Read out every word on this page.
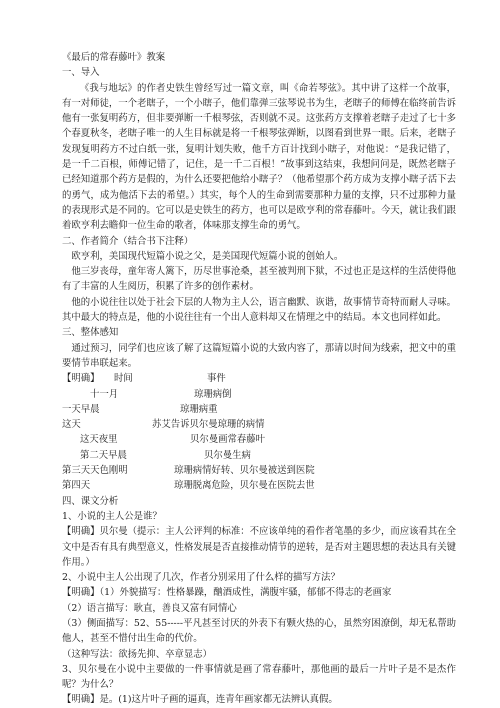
《最后的常春藤叶》教案

一、导入

《我与地坛》的作者史铁生曾经写过一篇文章，叫《命若琴弦》。其中讲了这样一个故事，有一对师徒，一个老瞎子，一个小瞎子，他们靠弹三弦琴说书为生，老瞎子的师傅在临终前告诉他有一张复明药方，但非要弹断一千根琴弦，否则就不灵。这张药方支撑着老瞎子走过了七十多个春夏秋冬，老瞎子唯一的人生目标就是将一千根琴弦弹断，以图看到世界一眼。后来，老瞎子发现复明药方不过白纸一张，复明计划失败，他千方百计找到小瞎子，对他说：“是我记错了，是一千二百根，师傅记错了，记住，是一千二百根！”故事到这结束，我想问问是，既然老瞎子已经知道那个药方是假的，为什么还要把他给小瞎子？（他希望那个药方成为支撑小瞎子活下去的勇气，成为他活下去的希望。）其实，每个人的生命到需要那种力量的支撑，只不过那种力量的表现形式是不同的。它可以是史铁生的药方，也可以是欧亨利的常春藤叶。今天，就让我们跟着欧亨利去瞻仰一位生命的歌者，体味那支撑生命的勇气。

二、作者简介（结合书下注释）

欧亨利，美国现代短篇小说之父，是美国现代短篇小说的创始人。

他三岁丧母，童年寄人篱下，历尽世事沧桑，甚至被判刑下狱，不过也正是这样的生活使得他有了丰富的人生阅历，积累了许多的创作素材。

他的小说往往以处于社会下层的人物为主人公，语言幽默、诙谐，故事情节奇特而耐人寻味。其中最大的特点是，他的小说往往有一个出人意料却又在情理之中的结局。本文也同样如此。

三、整体感知

通过预习，同学们也应该了解了这篇短篇小说的大致内容了，那请以时间为线索，把文中的重要情节串联起来。

【明确】 时间	事件
十一月	琼珊病倒
一天早晨	琼珊病重
这天	苏艾告诉贝尔曼琼珊的病情
这天夜里	贝尔曼画常春藤叶
第二天早晨	贝尔曼生病
第三天天色刚明	琼珊病情好转、贝尔曼被送到医院
第四天	琼珊脱离危险，贝尔曼在医院去世

四、课文分析

1、小说的主人公是谁？

【明确】贝尔曼（提示：主人公评判的标准：不应该单纯的看作者笔墨的多少，而应该看其在全文中是否有具有典型意义，性格发展是否直接推动情节的逆转，是否对主题思想的表达具有关键作用。）

2、小说中主人公出现了几次，作者分别采用了什么样的描写方法？

【明确】（1）外貌描写：性格暴躁，酗酒成性，满腹牢骚，郁郁不得志的老画家

（2）语言描写：耿直，善良又富有同情心

（3）侧面描写：52、55-----平凡甚至讨厌的外表下有颗火热的心，虽然穷困潦倒，却无私帮助他人，甚至不惜付出生命的代价。

（这种写法：欲扬先抑、卒章显志）

3、贝尔曼在小说中主要做的一件事情就是画了常春藤叶，那他画的最后一片叶子是不是杰作呢？为什么？

【明确】是。(1)这片叶子画的逼真，连青年画家都无法辨认真假。
